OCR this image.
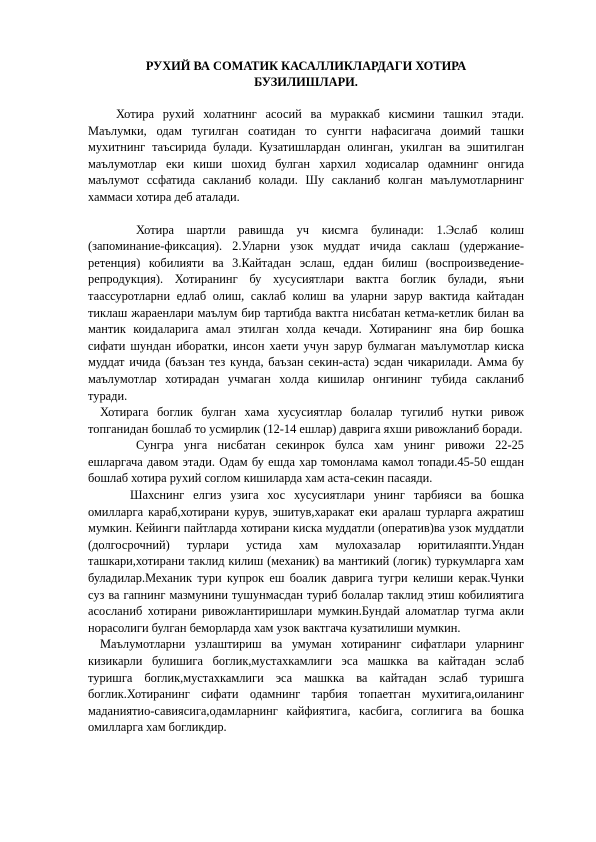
РУХИЙ ВА СОМАТИК КАСАЛЛИКЛАРДАГИ ХОТИРА
БУЗИЛИШЛАРИ.

Хотира рухий холатнинг асосий ва мураккаб кисмини ташкил этади. Маълумки, одам тугилган соатидан то сунгги нафасигача доимий ташки мухитнинг таъсирида булади. Кузатишлардан олинган, укилган ва эшитилган маълумотлар еки киши шохид булган хархил ходисалар одамнинг онгида маълумот ссфатида сакланиб колади. Шу сакланиб колган маълумотларнинг хаммаси хотира деб аталади.

Хотира шартли равишда уч кисмга булинади: 1.Эслаб колиш (запоминание-фиксация). 2.Уларни узок муддат ичида саклаш (удержание-ретенция) кобилияти ва 3.Кайтадан эслаш, еддан билиш (воспроизведение-репродукция). Хотиранинг бу хусусиятлари вактга боглик булади, яъни таассуротларни едлаб олиш, саклаб колиш ва уларни зарур вактида кайтадан тиклаш жараенлари маълум бир тартибда вактга нисбатан кетма-кетлик билан ва мантик коидаларига амал этилган холда кечади. Хотиранинг яна бир бошка сифати шундан иборатки, инсон хаети учун зарур булмаган маълумотлар киска муддат ичида (баъзан тез кунда, баъзан секин-аста) эсдан чикарилади. Амма бу маълумотлар хотирадан учмаган холда кишилар онгининг тубида сакланиб туради.

Хотирага боглик булган хама хусусиятлар болалар тугилиб нутки ривож топганидан бошлаб то усмирлик (12-14 ешлар) даврига яхши ривожланиб боради.

Сунгра унга нисбатан секинрок булса хам унинг ривожи 22-25 ешларгача давом этади. Одам бу ешда хар томонлама камол топади.45-50 ешдан бошлаб хотира рухий соглом кишиларда хам аста-секин пасаяди.

Шахснинг елгиз узига хос хусусиятлари унинг тарбияси ва бошка омилларга караб,хотирани курув, эшитув,харакат еки аралаш турларга ажратиш мумкин. Кейинги пайтларда хотирани киска муддатли (оператив)ва узок муддатли (долгосрочний) турлари устида хам мулохазалар юритилаяпти.Ундан ташкари,хотирани таклид килиш (механик) ва мантикий (логик) туркумларга хам буладилар.Механик тури купрок еш боалик даврига тугри келиши керак.Чунки суз ва гапнинг мазмунини тушунмасдан туриб болалар таклид этиш кобилиятига асосланиб хотирани ривожлантиришлари мумкин.Бундай аломатлар тугма акли норасолиги булган беморларда хам узок вактгача кузатилиши мумкин.

Маълумотларни узлаштириш ва умуман хотиранинг сифатлари уларнинг кизикарли булишига боглик,мустахкамлиги эса машкка ва кайтадан эслаб туришга боглик,мустахкамлиги эса машкка ва кайтадан эслаб туришга боглик.Хотиранинг сифати одамнинг тарбия топаетган мухитига,оиланинг маданиятио-савиясига,одамларнинг кайфиятига, касбига, соглигига ва бошка омилларга хам богликдир.
